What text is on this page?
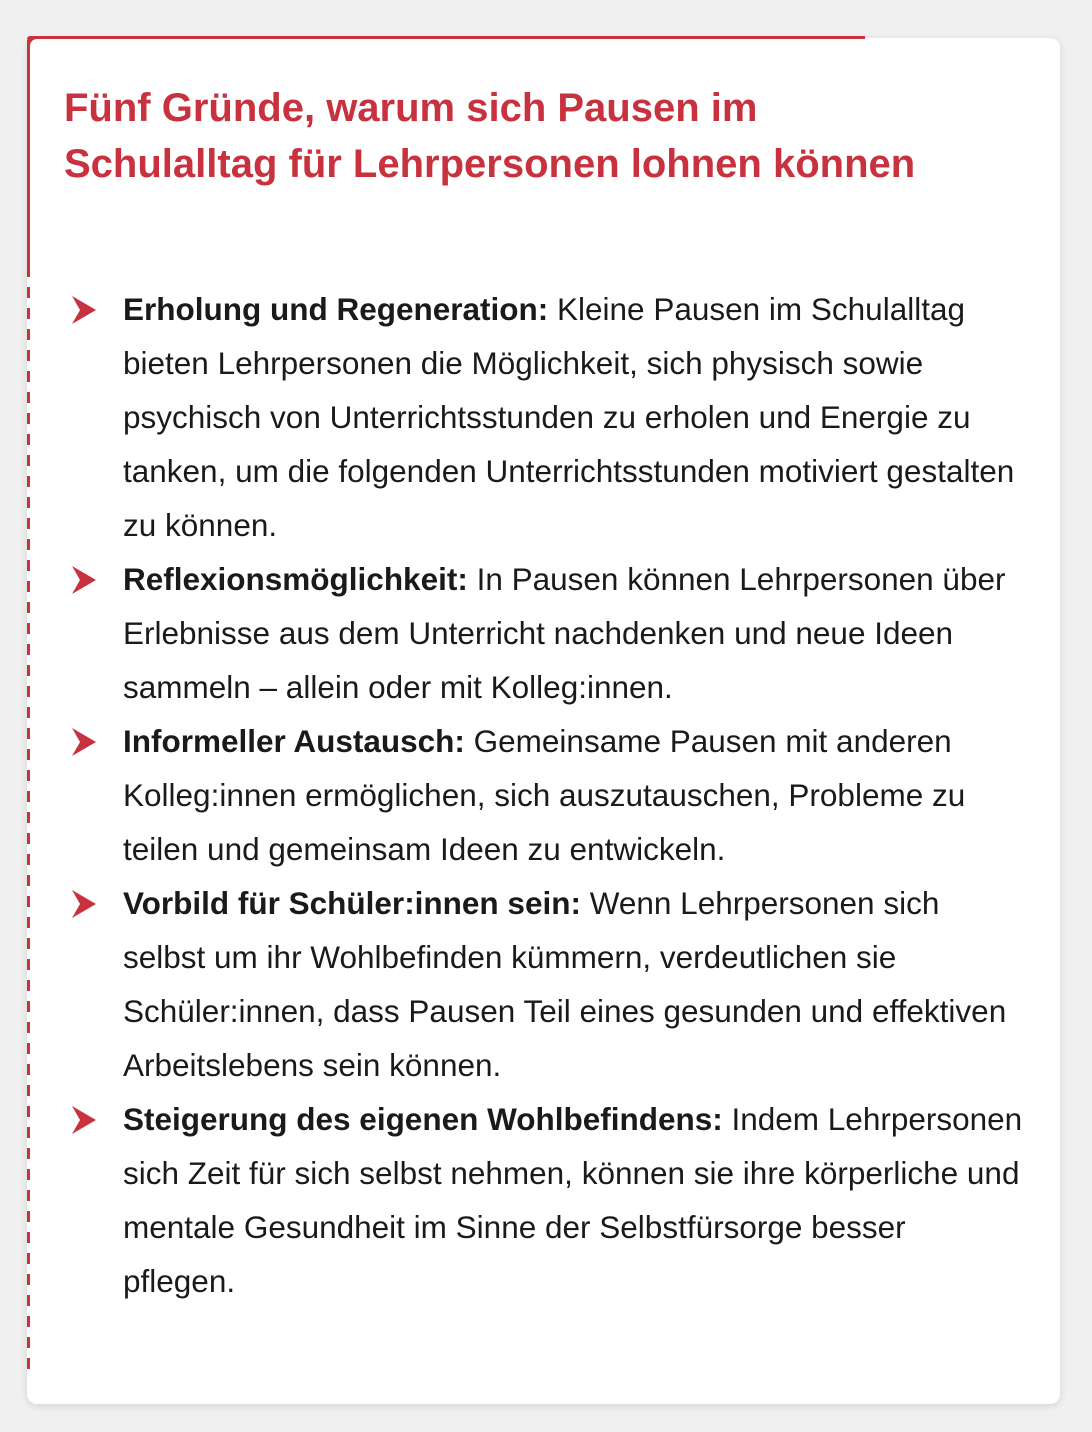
Fünf Gründe, warum sich Pausen im Schulalltag für Lehrpersonen lohnen können
Erholung und Regeneration: Kleine Pausen im Schulalltag bieten Lehrpersonen die Möglichkeit, sich physisch sowie psychisch von Unterrichtsstunden zu erholen und Energie zu tanken, um die folgenden Unterrichtsstunden motiviert gestalten zu können.
Reflexionsmöglichkeit: In Pausen können Lehrpersonen über Erlebnisse aus dem Unterricht nachdenken und neue Ideen sammeln – allein oder mit Kolleg:innen.
Informeller Austausch: Gemeinsame Pausen mit anderen Kolleg:innen ermöglichen, sich auszutauschen, Probleme zu teilen und gemeinsam Ideen zu entwickeln.
Vorbild für Schüler:innen sein: Wenn Lehrpersonen sich selbst um ihr Wohlbefinden kümmern, verdeutlichen sie Schüler:innen, dass Pausen Teil eines gesunden und effektiven Arbeitslebens sein können.
Steigerung des eigenen Wohlbefindens: Indem Lehrpersonen sich Zeit für sich selbst nehmen, können sie ihre körperliche und mentale Gesundheit im Sinne der Selbstfürsorge besser pflegen.
